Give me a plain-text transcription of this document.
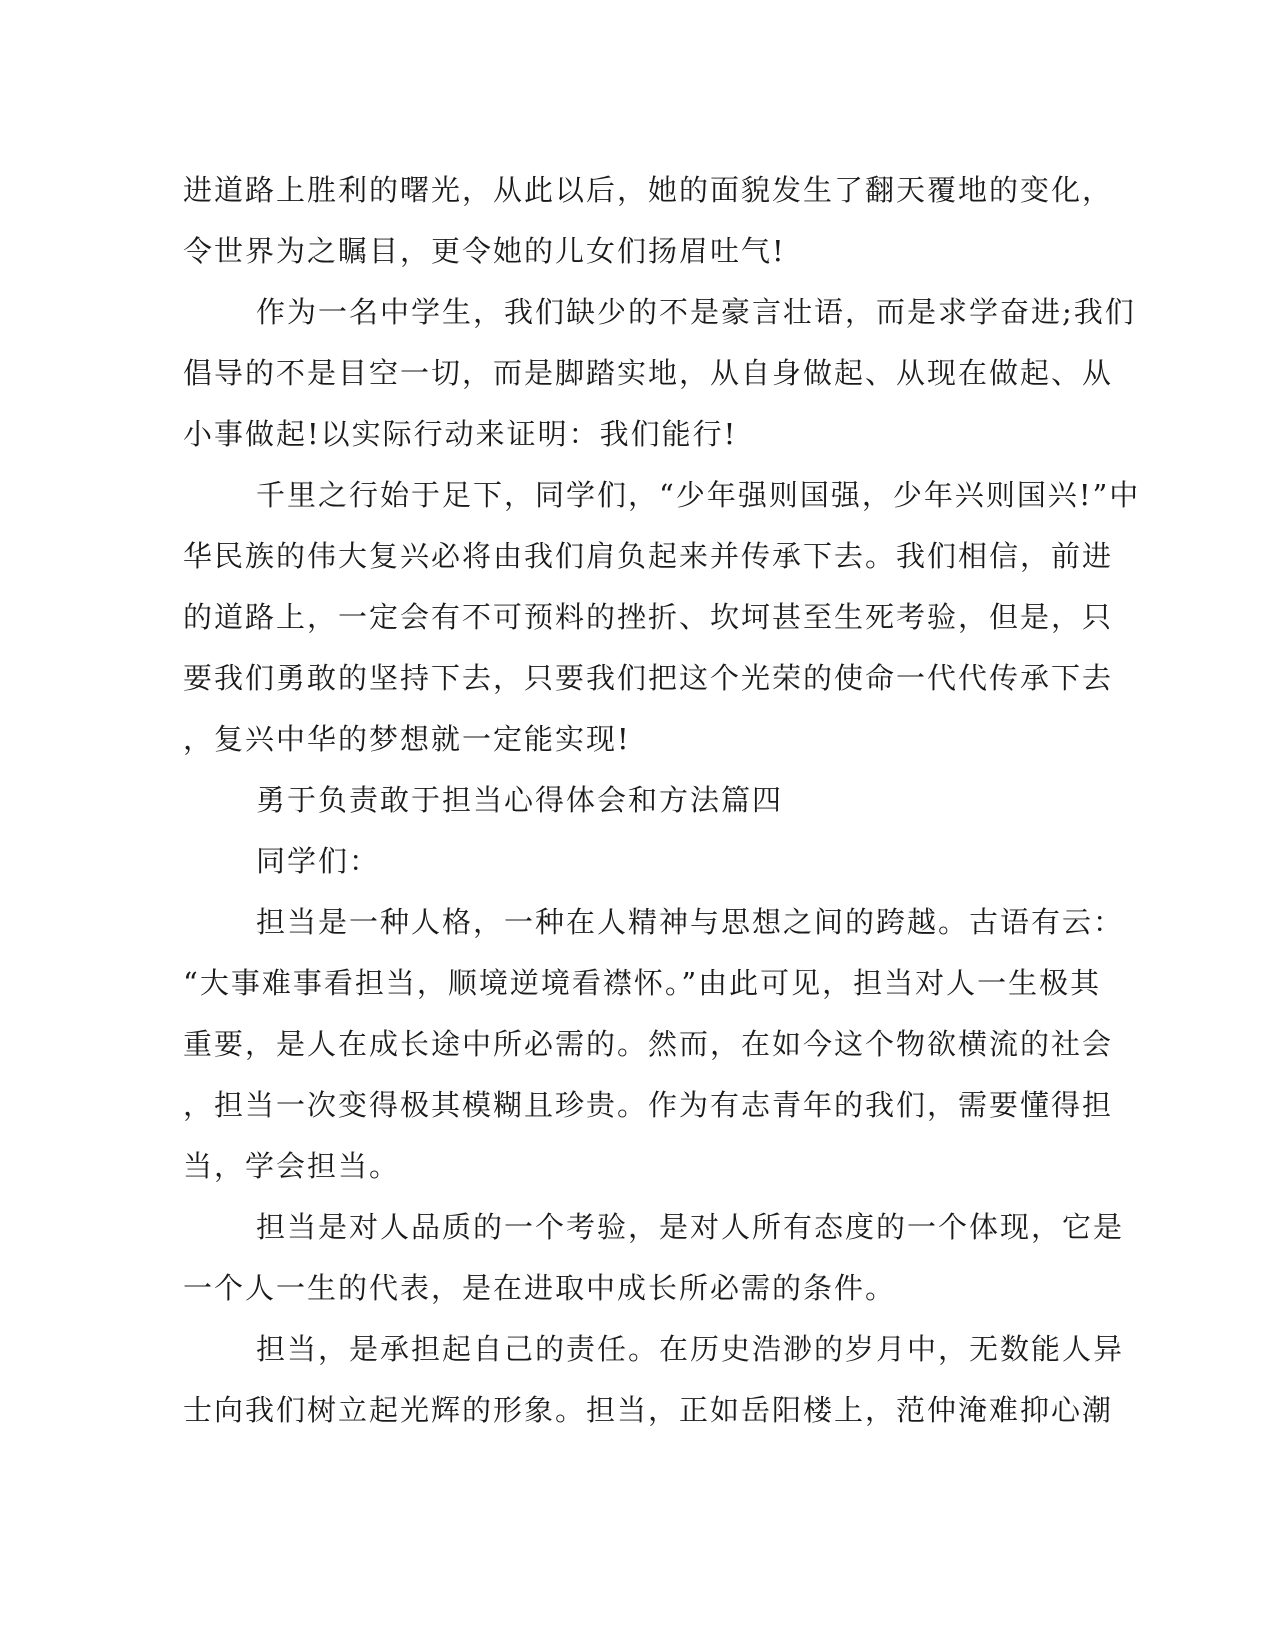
进道路上胜利的曙光，从此以后，她的面貌发生了翻天覆地的变化，
令世界为之瞩目，更令她的儿女们扬眉吐气!
作为一名中学生，我们缺少的不是豪言壮语，而是求学奋进;我们
倡导的不是目空一切，而是脚踏实地，从自身做起、从现在做起、从
小事做起!以实际行动来证明：我们能行!
千里之行始于足下，同学们，“少年强则国强，少年兴则国兴!”中
华民族的伟大复兴必将由我们肩负起来并传承下去。我们相信，前进
的道路上，一定会有不可预料的挫折、坎坷甚至生死考验，但是，只
要我们勇敢的坚持下去，只要我们把这个光荣的使命一代代传承下去
，复兴中华的梦想就一定能实现!
勇于负责敢于担当心得体会和方法篇四
同学们：
担当是一种人格，一种在人精神与思想之间的跨越。古语有云：
“大事难事看担当，顺境逆境看襟怀。”由此可见，担当对人一生极其
重要，是人在成长途中所必需的。然而，在如今这个物欲横流的社会
，担当一次变得极其模糊且珍贵。作为有志青年的我们，需要懂得担
当，学会担当。
担当是对人品质的一个考验，是对人所有态度的一个体现，它是
一个人一生的代表，是在进取中成长所必需的条件。
担当，是承担起自己的责任。在历史浩渺的岁月中，无数能人异
士向我们树立起光辉的形象。担当，正如岳阳楼上，范仲淹难抑心潮
